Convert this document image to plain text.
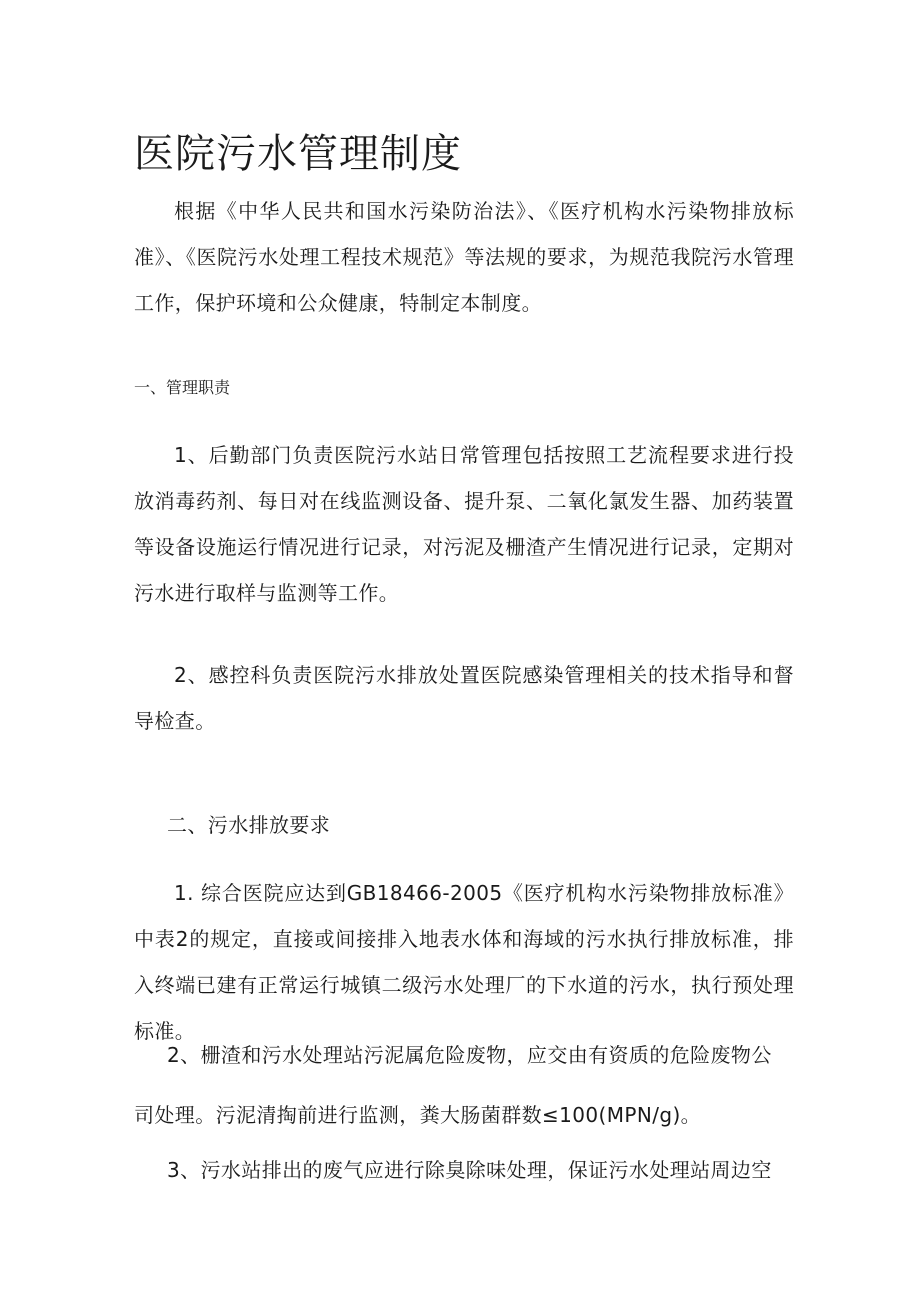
医院污水管理制度

根据《中华人民共和国水污染防治法》、《医疗机构水污染物排放标准》、《医院污水处理工程技术规范》等法规的要求，为规范我院污水管理工作，保护环境和公众健康，特制定本制度。

一、管理职责

1、后勤部门负责医院污水站日常管理包括按照工艺流程要求进行投放消毒药剂、每日对在线监测设备、提升泵、二氧化氯发生器、加药装置等设备设施运行情况进行记录，对污泥及栅渣产生情况进行记录，定期对污水进行取样与监测等工作。

2、感控科负责医院污水排放处置医院感染管理相关的技术指导和督导检查。

二、污水排放要求

1. 综合医院应达到GB18466-2005《医疗机构水污染物排放标准》中表2的规定，直接或间接排入地表水体和海域的污水执行排放标准，排入终端已建有正常运行城镇二级污水处理厂的下水道的污水，执行预处理标准。

2、栅渣和污水处理站污泥属危险废物，应交由有资质的危险废物公

司处理。污泥清掏前进行监测，粪大肠菌群数≤100(MPN/g)。

3、污水站排出的废气应进行除臭除味处理，保证污水处理站周边空
